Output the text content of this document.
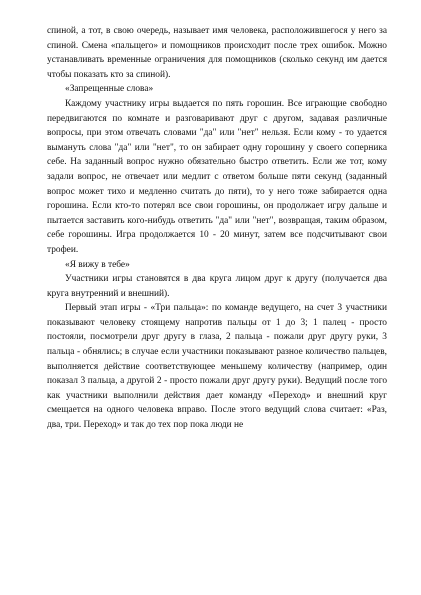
спиной, а тот, в свою очередь, называет имя человека, расположившегося у него за спиной. Смена «пальщего» и помощников происходит после трех ошибок. Можно устанавливать временные ограничения для помощников (сколько секунд им дается чтобы показать кто за спиной).

«Запрещенные слова»

Каждому участнику игры выдается по пять горошин. Все играющие свободно передвигаются по комнате и разговаривают друг с другом, задавая различные вопросы, при этом отвечать словами "да" или "нет" нельзя. Если кому - то удается вымануть слова "да" или "нет", то он забирает одну горошину у своего соперника себе. На заданный вопрос нужно обязательно быстро ответить. Если же тот, кому задали вопрос, не отвечает или медлит с ответом больше пяти секунд (заданный вопрос может тихо и медленно считать до пяти), то у него тоже забирается одна горошина. Если кто-то потерял все свои горошины, он продолжает игру дальше и пытается заставить кого-нибудь ответить "да" или "нет", возвращая, таким образом, себе горошины. Игра продолжается 10 - 20 минут, затем все подсчитывают свои трофеи.

«Я вижу в тебе»

Участники игры становятся в два круга лицом друг к другу (получается два круга внутренний и внешний).

Первый этап игры - «Три пальца»: по команде ведущего, на счет 3 участники показывают человеку стоящему напротив пальцы от 1 до 3; 1 палец - просто постояли, посмотрели друг другу в глаза, 2 пальца - пожали друг другу руки, 3 пальца - обнялись; в случае если участники показывают разное количество пальцев, выполняется действие соответствующее меньшему количеству (например, один показал 3 пальца, а другой 2 - просто пожали друг другу руки). Ведущий после того как участники выполнили действия дает команду «Переход» и внешний круг смещается на одного человека вправо. После этого ведущий слова считает: «Раз, два, три. Переход» и так до тех пор пока люди не
